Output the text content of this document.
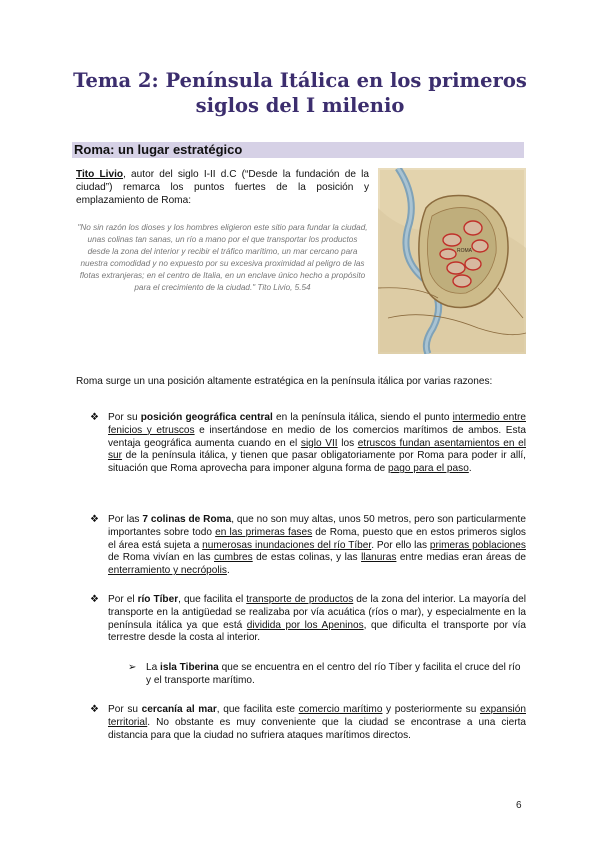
Tema 2: Península Itálica en los primeros siglos del I milenio
Roma: un lugar estratégico
Tito Livio, autor del siglo I-II d.C (“Desde la fundación de la ciudad”) remarca los puntos fuertes de la posición y emplazamiento de Roma:
"No sin razón los dioses y los hombres eligieron este sitio para fundar la ciudad, unas colinas tan sanas, un río a mano por el que transportar los productos desde la zona del interior y recibir el tráfico marítimo, un mar cercano para nuestra comodidad y no expuesto por su excesiva proximidad al peligro de las flotas extranjeras; en el centro de Italia, en un enclave único hecho a propósito para el crecimiento de la ciudad." Tito Livio, 5.54
ROMA
Roma surge un una posición altamente estratégica en la península itálica por varias razones:
❖ Por su posición geográfica central en la península itálica, siendo el punto intermedio entre fenicios y etruscos e insertándose en medio de los comercios marítimos de ambos. Esta ventaja geográfica aumenta cuando en el siglo VII los etruscos fundan asentamientos en el sur de la península itálica, y tienen que pasar obligatoriamente por Roma para poder ir allí, situación que Roma aprovecha para imponer alguna forma de pago para el paso.
❖ Por las 7 colinas de Roma, que no son muy altas, unos 50 metros, pero son particularmente importantes sobre todo en las primeras fases de Roma, puesto que en estos primeros siglos el área está sujeta a numerosas inundaciones del río Tíber. Por ello las primeras poblaciones de Roma vivían en las cumbres de estas colinas, y las llanuras entre medias eran áreas de enterramiento y necrópolis.
❖ Por el río Tíber, que facilita el transporte de productos de la zona del interior. La mayoría del transporte en la antigüedad se realizaba por vía acuática (ríos o mar), y especialmente en la península itálica ya que está dividida por los Apeninos, que dificulta el transporte por vía terrestre desde la costa al interior.
➢ La isla Tiberina que se encuentra en el centro del río Tíber y facilita el cruce del río y el transporte marítimo.
❖ Por su cercanía al mar, que facilita este comercio marítimo y posteriormente su expansión territorial. No obstante es muy conveniente que la ciudad se encontrase a una cierta distancia para que la ciudad no sufriera ataques marítimos directos.
6
